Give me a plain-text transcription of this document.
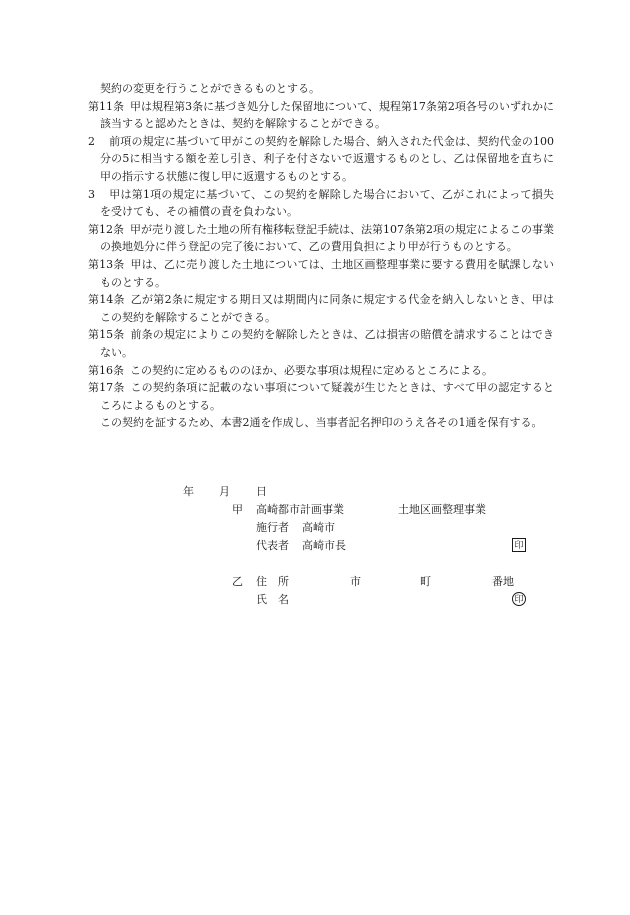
契約の変更を行うことができるものとする。

第11条 甲は規程第3条に基づき処分した保留地について、規程第17条第2項各号のいずれかに該当すると認めたときは、契約を解除することができる。

2 前項の規定に基づいて甲がこの契約を解除した場合、納入された代金は、契約代金の100分の5に相当する額を差し引き、利子を付さないで返還するものとし、乙は保留地を直ちに甲の指示する状態に復し甲に返還するものとする。

3 甲は第1項の規定に基づいて、この契約を解除した場合において、乙がこれによって損失を受けても、その補償の責を負わない。

第12条 甲が売り渡した土地の所有権移転登記手続は、法第107条第2項の規定によるこの事業の換地処分に伴う登記の完了後において、乙の費用負担により甲が行うものとする。

第13条 甲は、乙に売り渡した土地については、土地区画整理事業に要する費用を賦課しないものとする。

第14条 乙が第2条に規定する期日又は期間内に同条に規定する代金を納入しないとき、甲はこの契約を解除することができる。

第15条 前条の規定によりこの契約を解除したときは、乙は損害の賠償を請求することはできない。

第16条 この契約に定めるもののほか、必要な事項は規程に定めるところによる。

第17条 この契約条項に記載のない事項について疑義が生じたときは、すべて甲の認定するところによるものとする。

この契約を証するため、本書2通を作成し、当事者記名押印のうえ各その1通を保有する。

年 月 日
甲 高崎都市計画事業	土地区画整理事業
施行者 高崎市
代表者 高崎市長	印
乙 住　所	市	町	番地
氏　名	印
